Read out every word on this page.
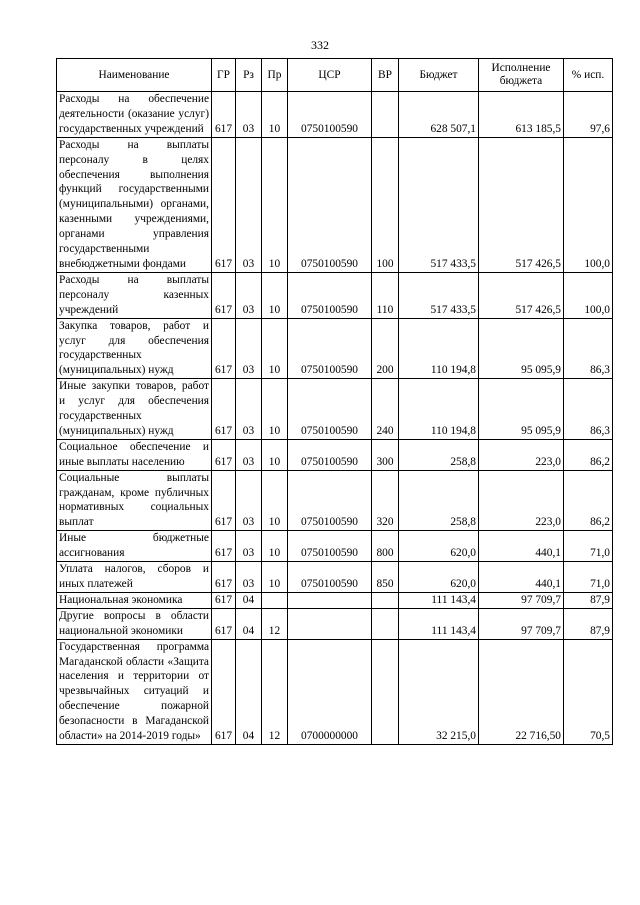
332
Наименование	ГР	Рз	Пр	ЦСР	ВР	Бюджет	Исполнение бюджета	% исп.
Расходы на обеспечение деятельности (оказание услуг) государственных учреждений	617	03	10	0750100590		628 507,1	613 185,5	97,6
Расходы на выплаты персоналу в целях обеспечения выполнения функций государственными (муниципальными) органами, казенными учреждениями, органами управления государственными внебюджетными фондами	617	03	10	0750100590	100	517 433,5	517 426,5	100,0
Расходы на выплаты персоналу казенных учреждений	617	03	10	0750100590	110	517 433,5	517 426,5	100,0
Закупка товаров, работ и услуг для обеспечения государственных (муниципальных) нужд	617	03	10	0750100590	200	110 194,8	95 095,9	86,3
Иные закупки товаров, работ и услуг для обеспечения государственных (муниципальных) нужд	617	03	10	0750100590	240	110 194,8	95 095,9	86,3
Социальное обеспечение и иные выплаты населению	617	03	10	0750100590	300	258,8	223,0	86,2
Социальные выплаты гражданам, кроме публичных нормативных социальных выплат	617	03	10	0750100590	320	258,8	223,0	86,2
Иные бюджетные ассигнования	617	03	10	0750100590	800	620,0	440,1	71,0
Уплата налогов, сборов и иных платежей	617	03	10	0750100590	850	620,0	440,1	71,0
Национальная экономика	617	04				111 143,4	97 709,7	87,9
Другие вопросы в области национальной экономики	617	04	12			111 143,4	97 709,7	87,9
Государственная программа Магаданской области «Защита населения и территории от чрезвычайных ситуаций и обеспечение пожарной безопасности в Магаданской области» на 2014-2019 годы»	617	04	12	0700000000		32 215,0	22 716,50	70,5
